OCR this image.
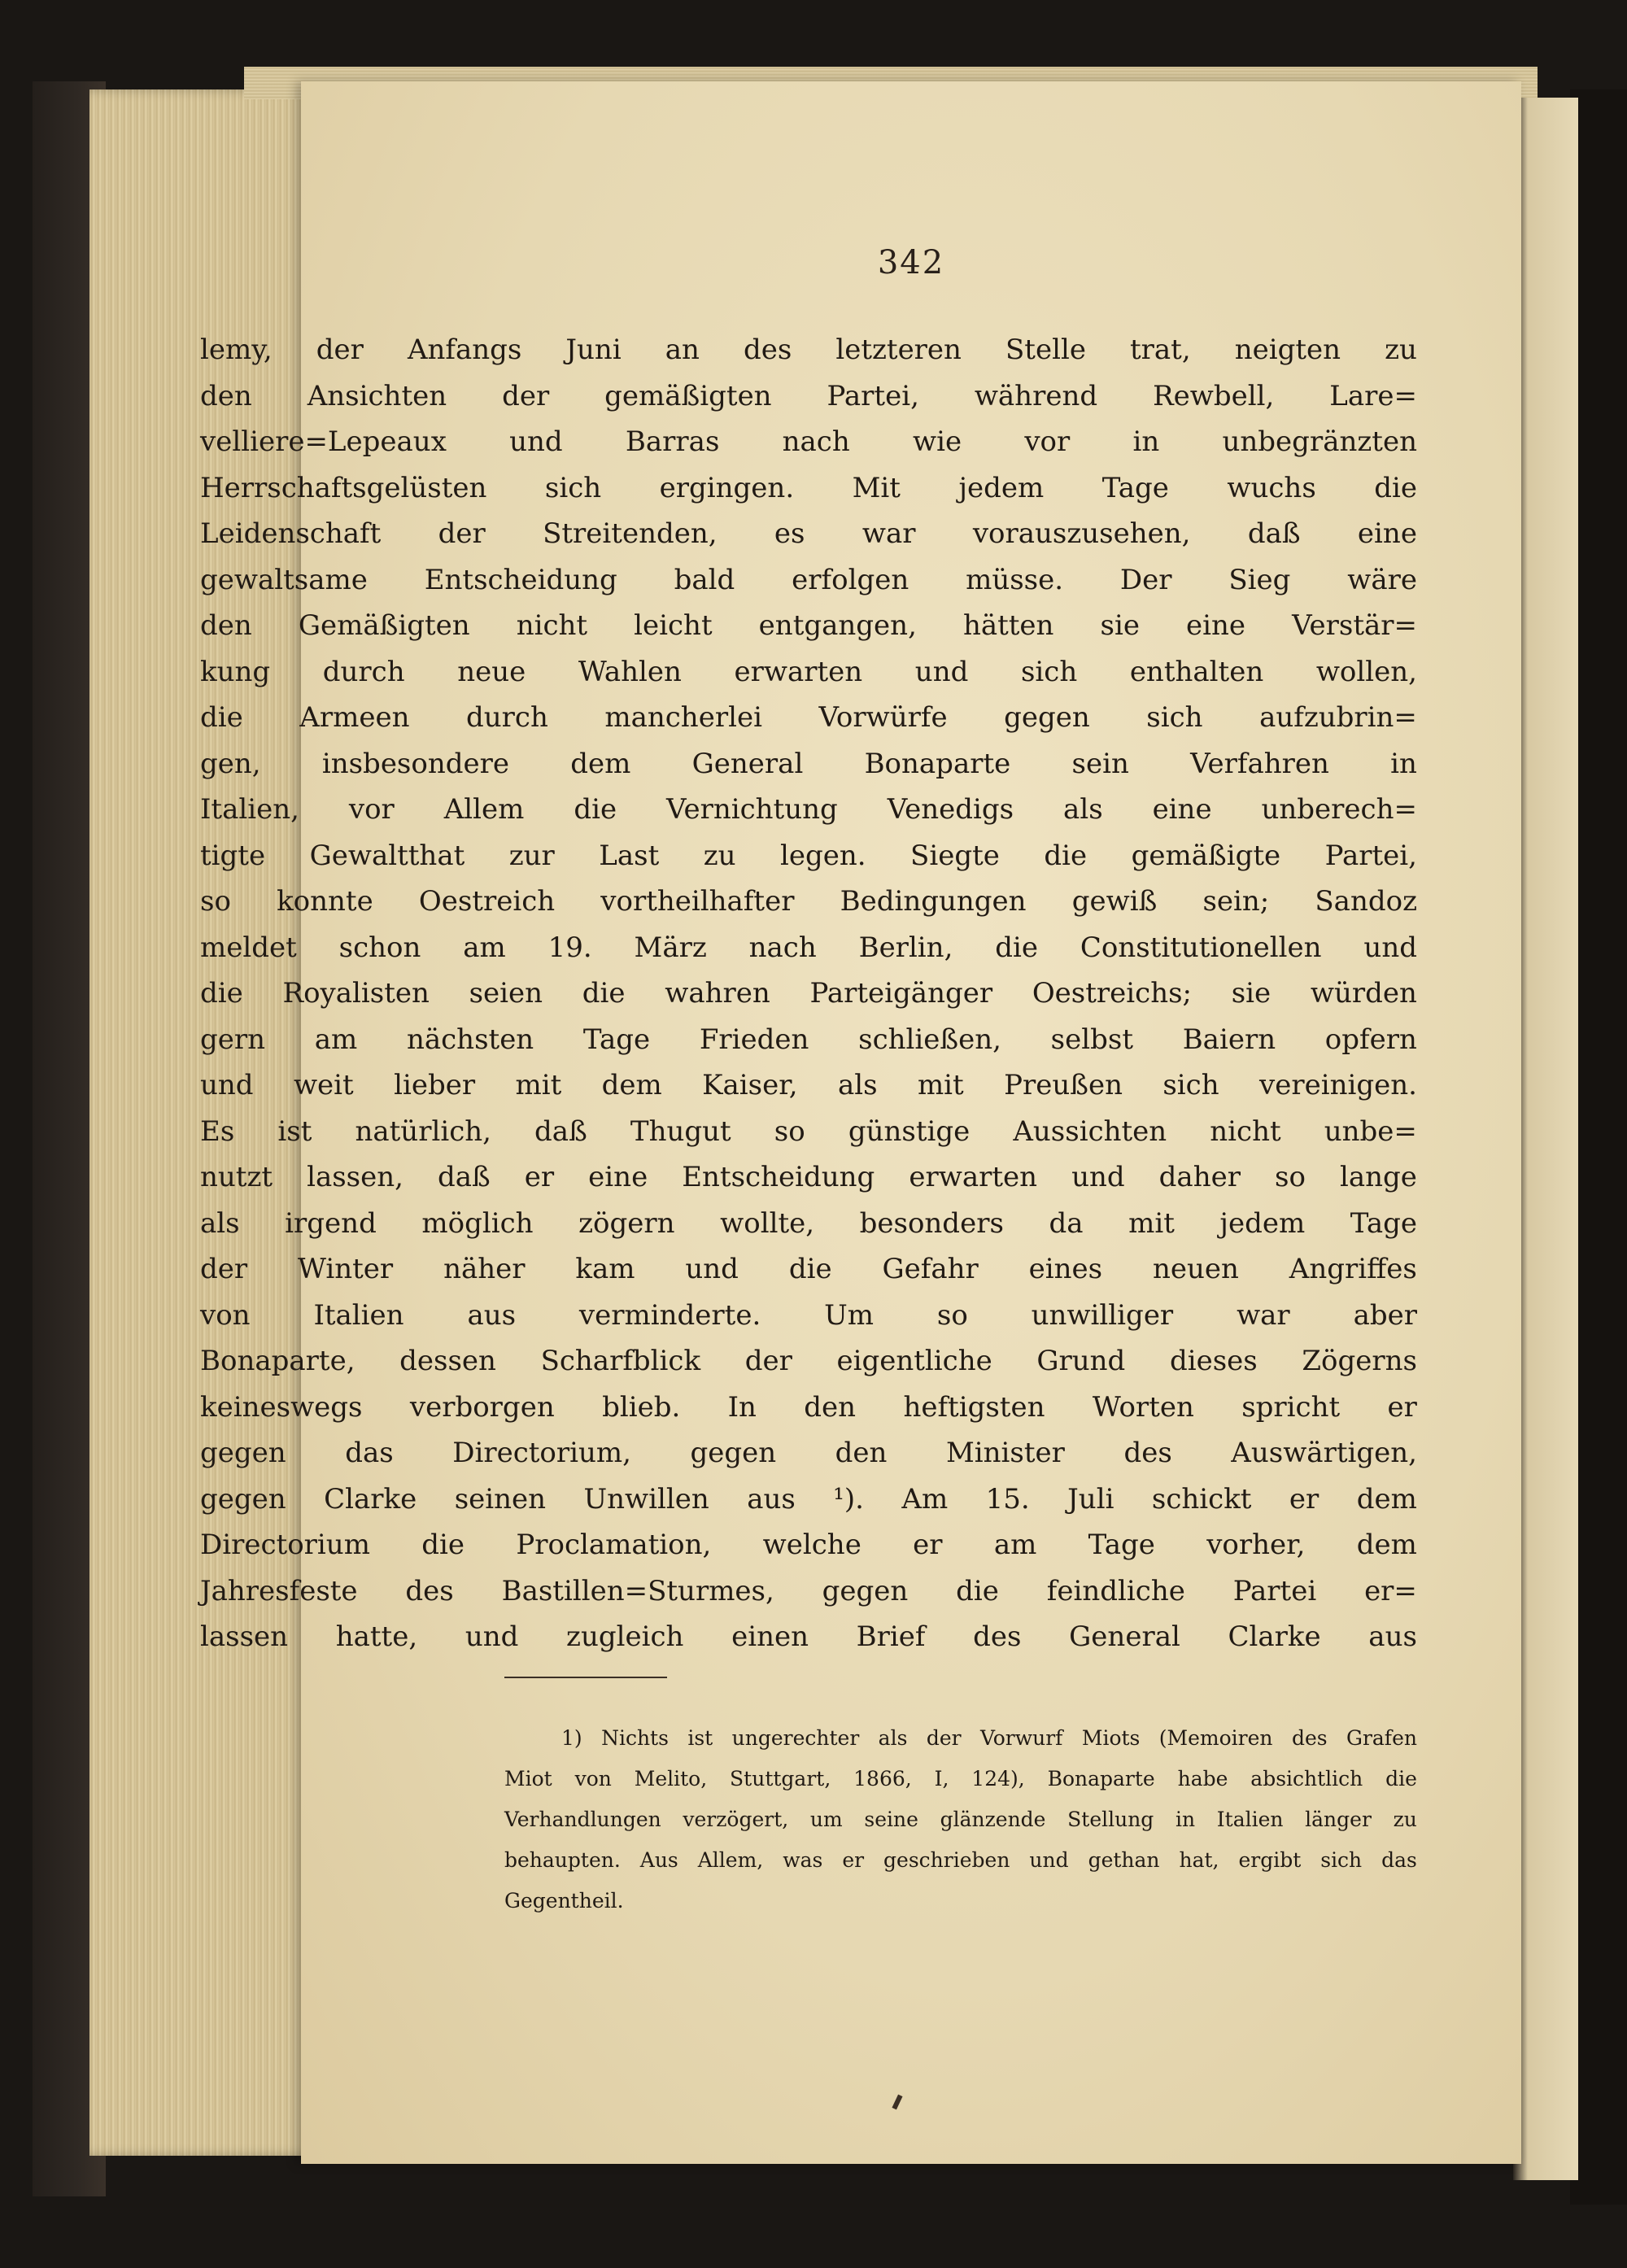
342
lemy, der Anfangs Juni an des letzteren Stelle trat, neigten zu
den Ansichten der gemäßigten Partei, während Rewbell, Lare=
velliere=Lepeaux und Barras nach wie vor in unbegränzten
Herrschaftsgelüsten sich ergingen. Mit jedem Tage wuchs die
Leidenschaft der Streitenden, es war vorauszusehen, daß eine
gewaltsame Entscheidung bald erfolgen müsse. Der Sieg wäre
den Gemäßigten nicht leicht entgangen, hätten sie eine Verstär=
kung durch neue Wahlen erwarten und sich enthalten wollen,
die Armeen durch mancherlei Vorwürfe gegen sich aufzubrin=
gen, insbesondere dem General Bonaparte sein Verfahren in
Italien, vor Allem die Vernichtung Venedigs als eine unberech=
tigte Gewaltthat zur Last zu legen. Siegte die gemäßigte Partei,
so konnte Oestreich vortheilhafter Bedingungen gewiß sein; Sandoz
meldet schon am 19. März nach Berlin, die Constitutionellen und
die Royalisten seien die wahren Parteigänger Oestreichs; sie würden
gern am nächsten Tage Frieden schließen, selbst Baiern opfern
und weit lieber mit dem Kaiser, als mit Preußen sich vereinigen.
Es ist natürlich, daß Thugut so günstige Aussichten nicht unbe=
nutzt lassen, daß er eine Entscheidung erwarten und daher so lange
als irgend möglich zögern wollte, besonders da mit jedem Tage
der Winter näher kam und die Gefahr eines neuen Angriffes
von Italien aus verminderte. Um so unwilliger war aber
Bonaparte, dessen Scharfblick der eigentliche Grund dieses Zögerns
keineswegs verborgen blieb. In den heftigsten Worten spricht er
gegen das Directorium, gegen den Minister des Auswärtigen,
gegen Clarke seinen Unwillen aus ¹). Am 15. Juli schickt er dem
Directorium die Proclamation, welche er am Tage vorher, dem
Jahresfeste des Bastillen=Sturmes, gegen die feindliche Partei er=
lassen hatte, und zugleich einen Brief des General Clarke aus
1) Nichts ist ungerechter als der Vorwurf Miots (Memoiren des Grafen
Miot von Melito, Stuttgart, 1866, I, 124), Bonaparte habe absichtlich die
Verhandlungen verzögert, um seine glänzende Stellung in Italien länger zu
behaupten. Aus Allem, was er geschrieben und gethan hat, ergibt sich das
Gegentheil.
